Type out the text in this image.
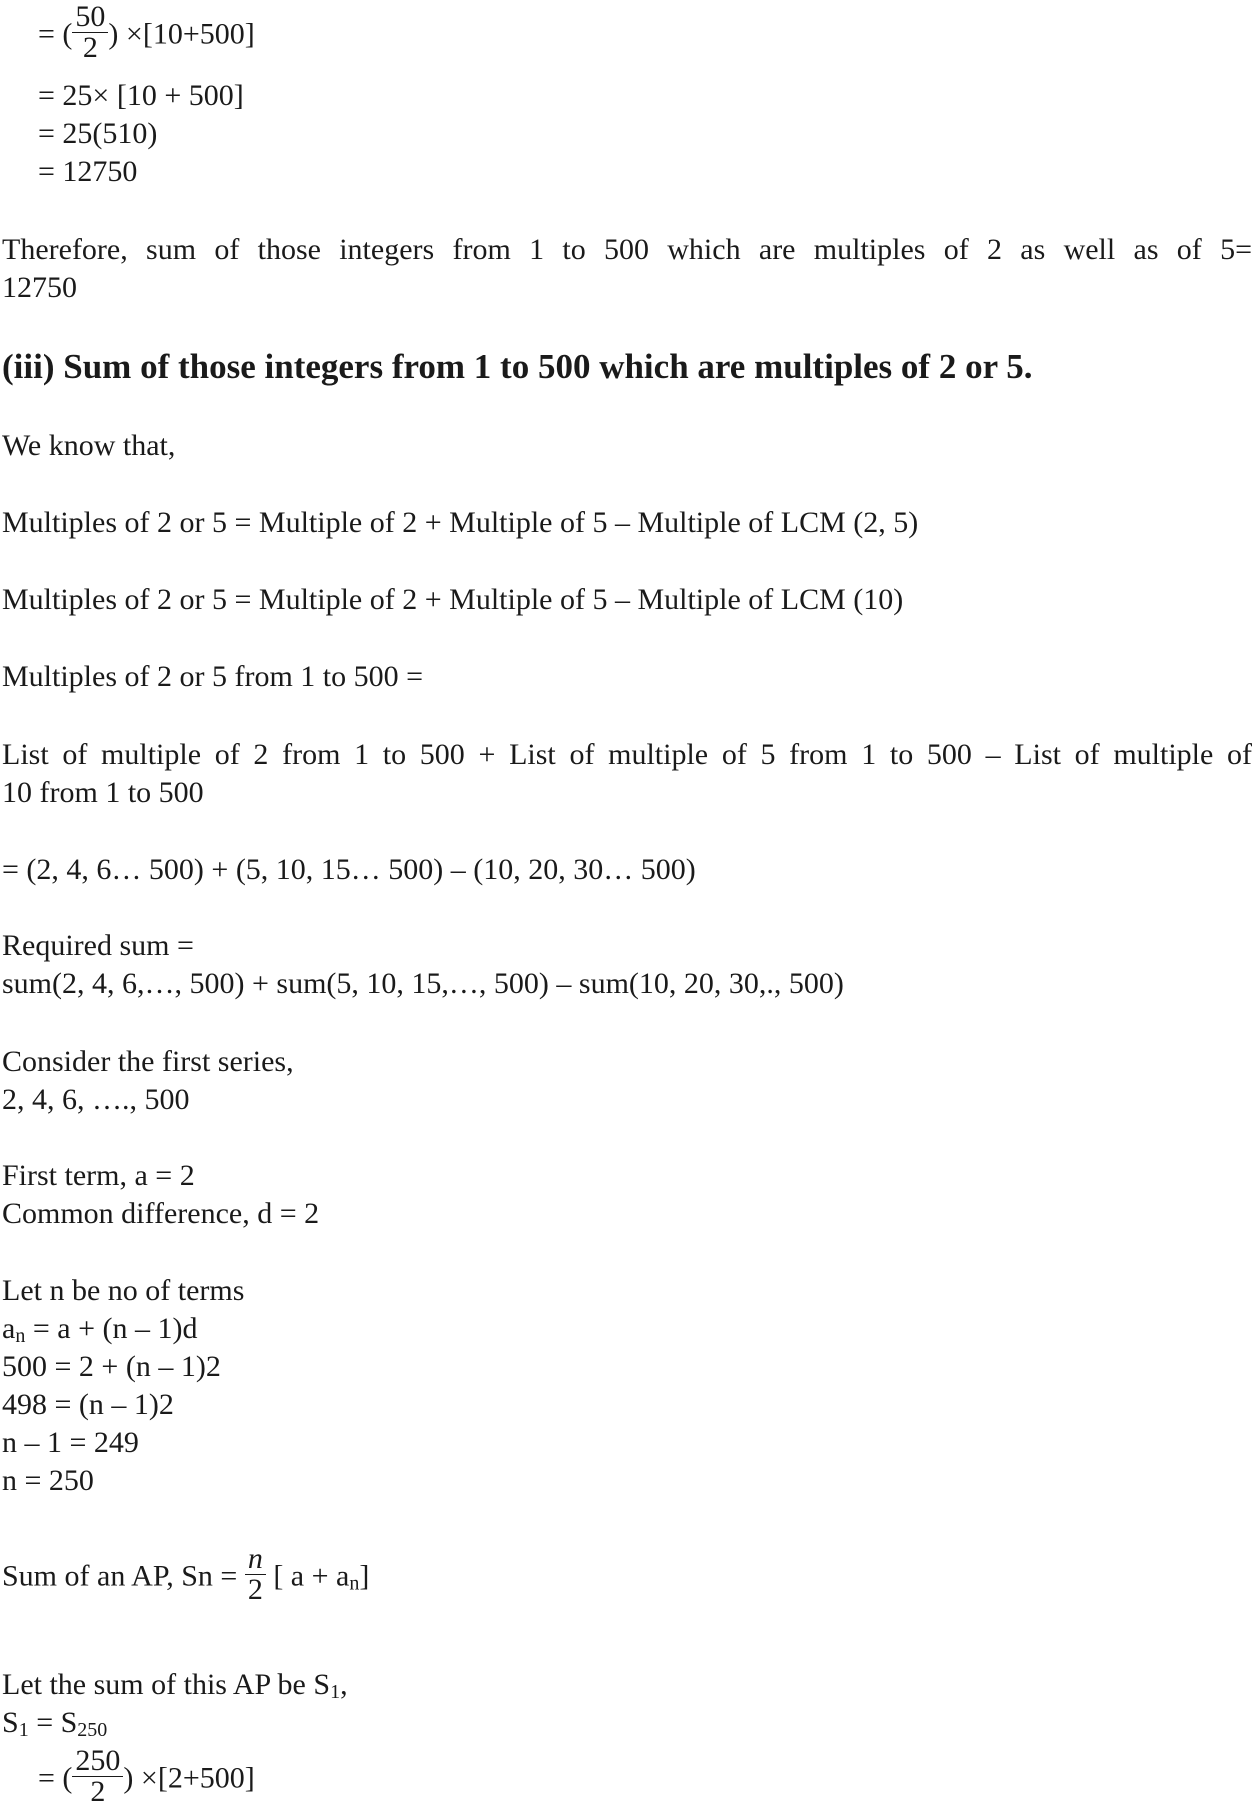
= ( $\frac{50}{2}$ ) ×[10+500]
= 25× [10 + 500]
= 25(510)
= 12750
Therefore, sum of those integers from 1 to 500 which are multiples of 2 as well as of 5=
12750
(iii) Sum of those integers from 1 to 500 which are multiples of 2 or 5.
We know that,
Multiples of 2 or 5 = Multiple of 2 + Multiple of 5 – Multiple of LCM (2, 5)
Multiples of 2 or 5 = Multiple of 2 + Multiple of 5 – Multiple of LCM (10)
Multiples of 2 or 5 from 1 to 500 =
List of multiple of 2 from 1 to 500 + List of multiple of 5 from 1 to 500 – List of multiple of
10 from 1 to 500
= (2, 4, 6… 500) + (5, 10, 15… 500) – (10, 20, 30… 500)
Required sum =
sum(2, 4, 6,…, 500) + sum(5, 10, 15,…, 500) – sum(10, 20, 30,., 500)
Consider the first series,
2, 4, 6, …., 500
First term, a = 2
Common difference, d = 2
Let n be no of terms
$a_n = a + (n - 1)d$
500 = 2 + (n – 1)2
498 = (n – 1)2
n – 1 = 249
n = 250
Sum of an AP, $Sn = \frac{n}{2}$ [ $a + a_n$]
Let the sum of this AP be $S_1$,
$S_1 = S_{250}$
= ( $\frac{250}{2}$ ) ×[2+500]
